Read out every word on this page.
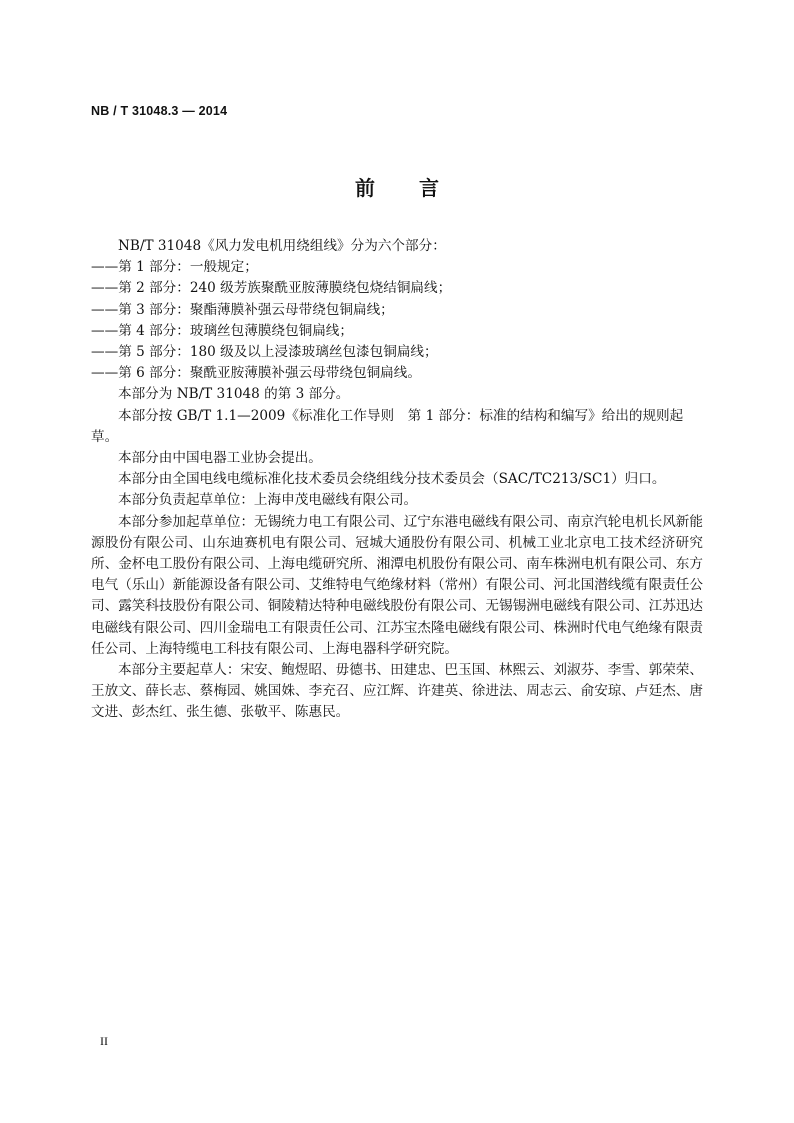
NB / T 31048.3 — 2014
前言

NB/T 31048《风力发电机用绕组线》分为六个部分：

——第 1 部分：一般规定；

——第 2 部分：240 级芳族聚酰亚胺薄膜绕包烧结铜扁线；

——第 3 部分：聚酯薄膜补强云母带绕包铜扁线；

——第 4 部分：玻璃丝包薄膜绕包铜扁线；

——第 5 部分：180 级及以上浸漆玻璃丝包漆包铜扁线；

——第 6 部分：聚酰亚胺薄膜补强云母带绕包铜扁线。

本部分为 NB/T 31048 的第 3 部分。

本部分按 GB/T 1.1—2009《标准化工作导则　第 1 部分：标准的结构和编写》给出的规则起草。

本部分由中国电器工业协会提出。

本部分由全国电线电缆标准化技术委员会绕组线分技术委员会（SAC/TC213/SC1）归口。

本部分负责起草单位：上海申茂电磁线有限公司。

本部分参加起草单位：无锡统力电工有限公司、辽宁东港电磁线有限公司、南京汽轮电机长风新能源股份有限公司、山东迪赛机电有限公司、冠城大通股份有限公司、机械工业北京电工技术经济研究所、金杯电工股份有限公司、上海电缆研究所、湘潭电机股份有限公司、南车株洲电机有限公司、东方电气（乐山）新能源设备有限公司、艾维特电气绝缘材料（常州）有限公司、河北国潜线缆有限责任公司、露笑科技股份有限公司、铜陵精达特种电磁线股份有限公司、无锡锡洲电磁线有限公司、江苏迅达电磁线有限公司、四川金瑞电工有限责任公司、江苏宝杰隆电磁线有限公司、株洲时代电气绝缘有限责任公司、上海特缆电工科技有限公司、上海电器科学研究院。

本部分主要起草人：宋安、鲍煜昭、毋德书、田建忠、巴玉国、林熙云、刘淑芬、李雪、郭荣荣、王放文、薛长志、蔡梅园、姚国姝、李充召、应江辉、许建英、徐进法、周志云、俞安琼、卢廷杰、唐文进、彭杰红、张生德、张敬平、陈惠民。

II
